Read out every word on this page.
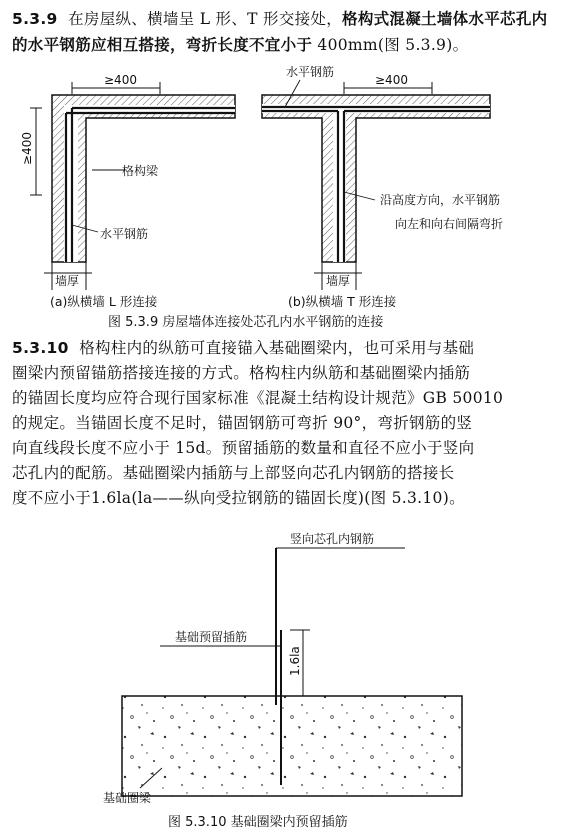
5.3.9 在房屋纵、横墙呈 L 形、T 形交接处，格构式混凝土墙体水平芯孔内的水平钢筋应相互搭接，弯折长度不宜小于 400mm(图 5.3.9)。
≥400
≥400
格构梁
水平钢筋
墙厚
(a)纵横墙 L 形连接
水平钢筋
≥400
沿高度方向，水平钢筋
向左和向右间隔弯折
墙厚
(b)纵横墙 T 形连接
图 5.3.9 房屋墙体连接处芯孔内水平钢筋的连接
5.3.10 格构柱内的纵筋可直接锚入基础圈梁内，也可采用与基础
圈梁内预留锚筋搭接连接的方式。格构柱内纵筋和基础圈梁内插筋
的锚固长度均应符合现行国家标准《混凝土结构设计规范》GB 50010
的规定。当锚固长度不足时，锚固钢筋可弯折 90°，弯折钢筋的竖
向直线段长度不应小于 15d。预留插筋的数量和直径不应小于竖向
芯孔内的配筋。基础圈梁内插筋与上部竖向芯孔内钢筋的搭接长
度不应小于1.6la(la——纵向受拉钢筋的锚固长度)(图 5.3.10)。
竖向芯孔内钢筋
基础预留插筋
1.6la
基础圈梁
图 5.3.10 基础圈梁内预留插筋
